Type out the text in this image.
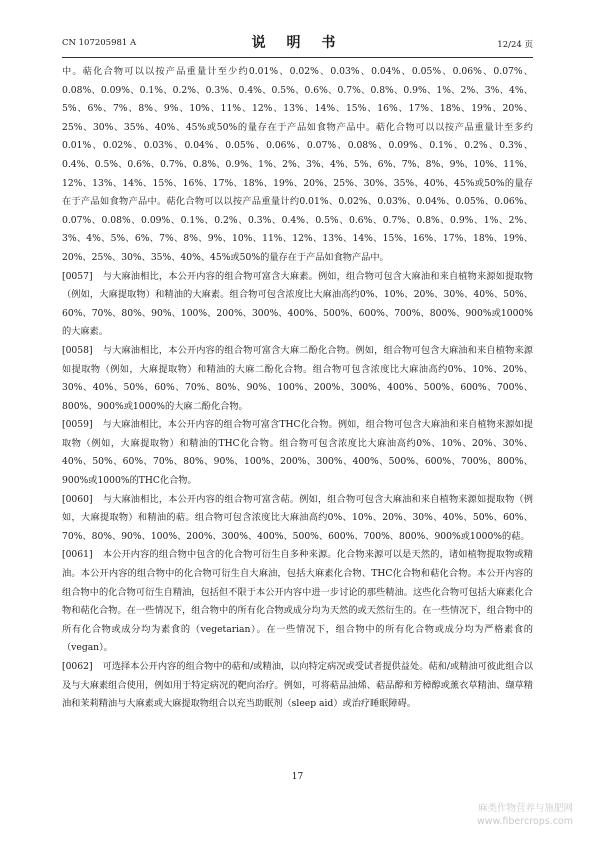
CN 107205981 A	说 明 书	12/24 页

中。萜化合物可以以按产品重量计至少约0.01%、0.02%、0.03%、0.04%、0.05%、0.06%、0.07%、0.08%、0.09%、0.1%、0.2%、0.3%、0.4%、0.5%、0.6%、0.7%、0.8%、0.9%、1%、2%、3%、4%、5%、6%、7%、8%、9%、10%、11%、12%、13%、14%、15%、16%、17%、18%、19%、20%、25%、30%、35%、40%、45%或50%的量存在于产品如食物产品中。萜化合物可以以按产品重量计至多约0.01%、0.02%、0.03%、0.04%、0.05%、0.06%、0.07%、0.08%、0.09%、0.1%、0.2%、0.3%、0.4%、0.5%、0.6%、0.7%、0.8%、0.9%、1%、2%、3%、4%、5%、6%、7%、8%、9%、10%、11%、12%、13%、14%、15%、16%、17%、18%、19%、20%、25%、30%、35%、40%、45%或50%的量存在于产品如食物产品中。萜化合物可以以按产品重量计约0.01%、0.02%、0.03%、0.04%、0.05%、0.06%、0.07%、0.08%、0.09%、0.1%、0.2%、0.3%、0.4%、0.5%、0.6%、0.7%、0.8%、0.9%、1%、2%、3%、4%、5%、6%、7%、8%、9%、10%、11%、12%、13%、14%、15%、16%、17%、18%、19%、20%、25%、30%、35%、40%、45%或50%的量存在于产品如食物产品中。

[0057] 与大麻油相比，本公开内容的组合物可富含大麻素。例如，组合物可包含大麻油和来自植物来源如提取物（例如，大麻提取物）和精油的大麻素。组合物可包含浓度比大麻油高约0%、10%、20%、30%、40%、50%、60%、70%、80%、90%、100%、200%、300%、400%、500%、600%、700%、800%、900%或1000%的大麻素。

[0058] 与大麻油相比，本公开内容的组合物可富含大麻二酚化合物。例如，组合物可包含大麻油和来自植物来源如提取物（例如，大麻提取物）和精油的大麻二酚化合物。组合物可包含浓度比大麻油高约0%、10%、20%、30%、40%、50%、60%、70%、80%、90%、100%、200%、300%、400%、500%、600%、700%、800%、900%或1000%的大麻二酚化合物。

[0059] 与大麻油相比，本公开内容的组合物可富含THC化合物。例如，组合物可包含大麻油和来自植物来源如提取物（例如，大麻提取物）和精油的THC化合物。组合物可包含浓度比大麻油高约0%、10%、20%、30%、40%、50%、60%、70%、80%、90%、100%、200%、300%、400%、500%、600%、700%、800%、900%或1000%的THC化合物。

[0060] 与大麻油相比，本公开内容的组合物可富含萜。例如，组合物可包含大麻油和来自植物来源如提取物（例如，大麻提取物）和精油的萜。组合物可包含浓度比大麻油高约0%、10%、20%、30%、40%、50%、60%、70%、80%、90%、100%、200%、300%、400%、500%、600%、700%、800%、900%或1000%的萜。

[0061] 本公开内容的组合物中包含的化合物可衍生自多种来源。化合物来源可以是天然的，诸如植物提取物或精油。本公开内容的组合物中的化合物可衍生自大麻油，包括大麻素化合物、THC化合物和萜化合物。本公开内容的组合物中的化合物可衍生自精油，包括但不限于本公开内容中进一步讨论的那些精油。这些化合物可包括大麻素化合物和萜化合物。在一些情况下，组合物中的所有化合物或成分均为天然的或天然衍生的。在一些情况下，组合物中的所有化合物或成分均为素食的（vegetarian）。在一些情况下，组合物中的所有化合物或成分均为严格素食的（vegan）。

[0062] 可选择本公开内容的组合物中的萜和/或精油，以向特定病况或受试者提供益处。萜和/或精油可彼此组合以及与大麻素组合使用，例如用于特定病况的靶向治疗。例如，可将萜品油烯、萜品醇和芳樟醇或薰衣草精油、缬草精油和茉莉精油与大麻素或大麻提取物组合以充当助眠剂（sleep aid）或治疗睡眠障碍。

17
麻类作物营养与施肥网
www.fibercrops.com
